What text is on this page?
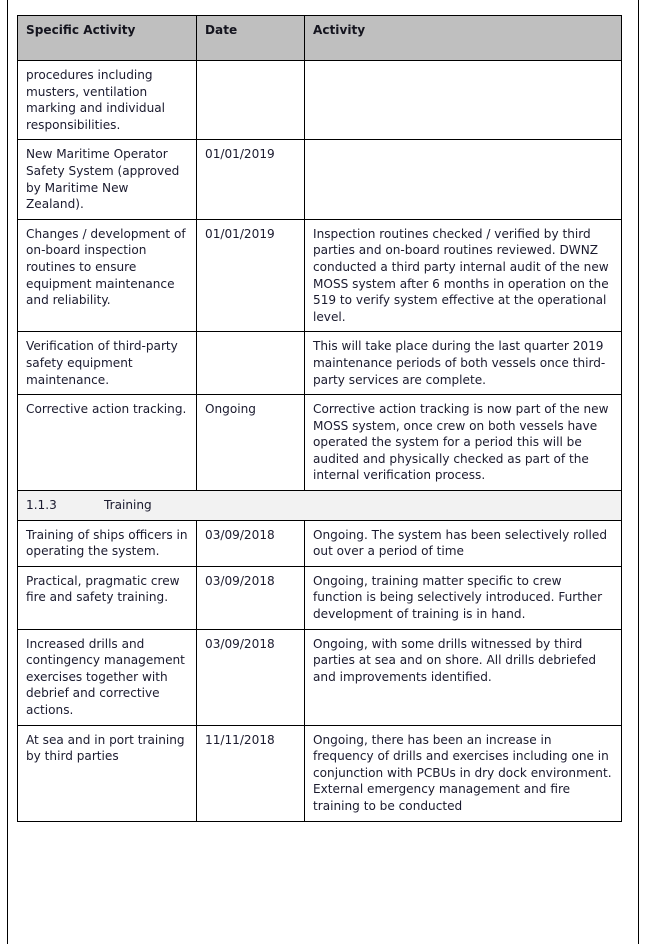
Specific Activity	Date	Activity
procedures including musters, ventilation marking and individual responsibilities.		
New Maritime Operator Safety System (approved by Maritime New Zealand).	01/01/2019	
Changes / development of on-board inspection routines to ensure equipment maintenance and reliability.	01/01/2019	Inspection routines checked / verified by third parties and on-board routines reviewed. DWNZ conducted a third party internal audit of the new MOSS system after 6 months in operation on the 519 to verify system effective at the operational level.
Verification of third-party safety equipment maintenance.		This will take place during the last quarter 2019 maintenance periods of both vessels once third-party services are complete.
Corrective action tracking.	Ongoing	Corrective action tracking is now part of the new MOSS system, once crew on both vessels have operated the system for a period this will be audited and physically checked as part of the internal verification process.
1.1.3 Training		
Training of ships officers in operating the system.	03/09/2018	Ongoing. The system has been selectively rolled out over a period of time
Practical, pragmatic crew fire and safety training.	03/09/2018	Ongoing, training matter specific to crew function is being selectively introduced. Further development of training is in hand.
Increased drills and contingency management exercises together with debrief and corrective actions.	03/09/2018	Ongoing, with some drills witnessed by third parties at sea and on shore. All drills debriefed and improvements identified.
At sea and in port training by third parties	11/11/2018	Ongoing, there has been an increase in frequency of drills and exercises including one in conjunction with PCBUs in dry dock environment. External emergency management and fire training to be conducted
